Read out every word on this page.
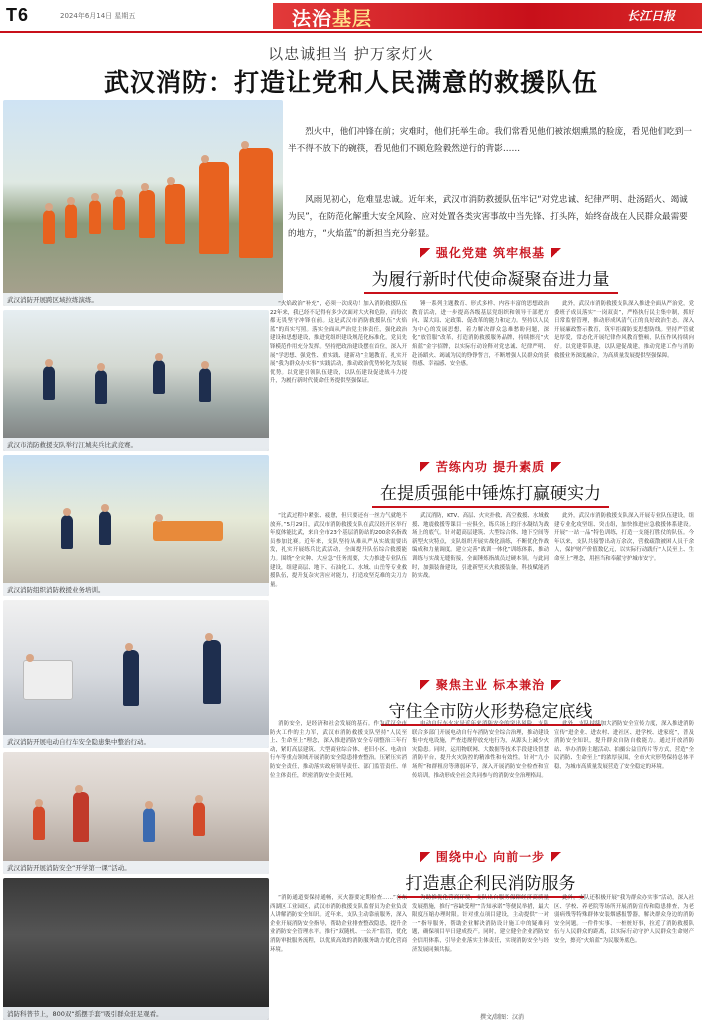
T6	2024年6月14日 星期五	法治基层	长江日报
以忠诚担当 护万家灯火
武汉消防：打造让党和人民满意的救援队伍
武汉消防开展跨区域拉练演练。
武汉市消防救援支队举行江城夹兵比武竞赛。
武汉消防组织消防救援业务培训。
武汉消防开展电动自行车安全隐患集中整治行动。
武汉消防开展消防安全“开学第一课”活动。
消防科普节上，800双“摇摆手套”吸引群众驻足观看。
烈火中，他们冲锋在前；灾难时，他们托举生命。我们常看见他们被浓烟熏黑的脸庞，看见他们吃到一半不得不放下的碗筷，看见他们不顾危险毅然逆行的背影……
风雨见初心，危难显忠诚。近年来，武汉市消防救援队伍牢记“对党忠诚、纪律严明、赴汤蹈火、竭诚为民”，在防范化解重大安全风险、应对处置各类灾害事故中当先锋、打头阵，始终奋战在人民群众最需要的地方，“火焰蓝”的新担当充分彰显。
强化党建 筑牢根基
为履行新时代使命凝聚奋进力量
“火焰政治”补充”，必须一次成功！加入消防救援队伍22年来，我已经不记得有多少次面对大火和危险，而每次都无畏坚守冲锋在前。这是武汉市消防救援队伍“火焰蓝”的真实写照。落实全面从严治党主体责任，强化政治建设和思想建设，推进党组织建设规范化标准化，党员先锋模范作用充分发挥。坚持把政治建设摆在首位，深入开展“学思想、强党性、重实践、建新功”主题教育，扎实开展“我为群众办实事”实践活动，推动政治优势转化为发展优势。以党建引领队伍建设，以队伍建设促进战斗力提升，为履行新时代使命任务提供坚强保证。
锤一系列主题教育、形式多样、内容丰富的思想政治教育活动，进一步提高各级基层党组织和领导干部把方向、谋大局、定政策、促改革的能力和定力。坚持以人民为中心的发展思想，着力解决群众急难愁盼问题，深化“放管服”改革，打造消防救援服务品牌，持续擦亮“火焰蓝”金字招牌，以实际行动诠释对党忠诚、纪律严明、赴汤蹈火、竭诚为民的铮铮誓言，不断增强人民群众的获得感、幸福感、安全感。
此外，武汉市消防救援支队深入推进全面从严治党，党委班子成员落实“一岗双责”，严格执行民主集中制，抓好日常监督管理，推动形成风清气正的良好政治生态。深入开展廉政警示教育，筑牢拒腐防变思想防线。坚持严管就是厚爱，常态化开展纪律作风教育整顿，队伍作风持续向好。以党建带队建，以队建促战建，推动党建工作与消防救援业务深度融合，为高质量发展提供坚强保障。
苦练内功 提升素质
在提质强能中锤炼打赢硬实力
“比武过程中紧张、疲惫，但只要还有一丝力气就绝不放弃。”5月29日，武汉市消防救援支队在武汉经开区举行年度体能比武，来自全市23个基层消防站的200余名指战员参加比赛。近年来，支队坚持从难从严从实战需要出发，扎实开展练兵比武活动，全面提升队伍综合救援能力。围绕“全灾种、大应急”任务需要，大力推进专业队伍建设，组建高层、地下、石油化工、水域、山岳等专业救援队伍，提升复杂灾害应对能力，打造攻坚克难的尖刀力量。
武汉消防，KTV、高层、火灾扑救、高空救援、水域救援、地震救援等课目一应俱全，练兵场上的汗水凝结为战场上的底气。针对超高层建筑、大型综合体、地下空间等新型火灾特点，支队组织开展实战化演练，不断优化作战编成和力量调度。建立完善“战训一体化”训练体系，推动训练与实战无缝衔接，全面锤炼指战员过硬本领。与此同时，加强装备建设，引进新型灭火救援装备，科技赋能消防实战。
此外，武汉市消防救援支队深入开展专业队伍建设，组建专业化攻坚组、突击组，加快推进应急救援体系建设。开展“一站一品”特色训练，打造一支能打胜仗的队伍。今年以来，支队共接警出动万余次，营救疏散被困人员千余人，保护财产价值数亿元，以实际行动践行“人民至上、生命至上”理念，用担当和奉献守护城市安宁。
聚焦主业 标本兼治
守住全市防火形势稳定底线
消防安全，是经济和社会发展的基石。作为武汉全市防火工作的主力军，武汉市消防救援支队坚持“人民至上、生命至上”理念，深入推进消防安全专项整治三年行动，紧盯高层建筑、大型商业综合体、老旧小区、电动自行车等重点领域开展消防安全隐患排查整治。压紧压实消防安全责任，推动落实政府领导责任、部门监管责任、单位主体责任，织密消防安全责任网。
电动自行车火灾是近年来消防安全的突出风险。支队联合多部门开展电动自行车消防安全综合治理，推动建设集中充电设施，严查违规停放充电行为，从源头上减少火灾隐患。同时，运用物联网、大数据等技术手段建设智慧消防平台，提升火灾防控的精准性和有效性。针对“九小场所”和群租房等薄弱环节，深入开展消防安全检查和宣传培训，推动形成全社会共同参与的消防安全治理格局。
此外，支队持续加大消防安全宣传力度，深入推进消防宣传“进企业、进农村、进社区、进学校、进家庭”，普及消防安全知识，提升群众自防自救能力。通过开放消防站、举办消防主题活动、拍摄公益宣传片等方式，营造“全民消防、生命至上”的浓厚氛围，全市火灾形势保持总体平稳，为城市高质量发展营造了安全稳定的环境。
围绕中心 向前一步
打造惠企利民消防服务
“消防通道要保持通畅，灭火器要定期检查……”在东西湖区工业园区，武汉市消防救援支队监督员为企业负责人讲解消防安全知识。近年来，支队主动靠前服务，深入企业开展消防安全指导，帮助企业排查整改隐患，提升企业消防安全管理水平。推行“双随机、一公开”监管，优化消防审批服务流程，以优质高效的消防服务助力优化营商环境。
为助推优化营商环境，支队出台服务保障经济高质量发展措施，推行“容缺受理”“告知承诺”等便民举措，最大限度压缩办理时限。针对重点项目建设，主动提供“一对一”指导服务，帮助企业解决消防设计施工中的疑难问题，确保项目早日建成投产。同时，建立健全企业消防安全信用体系，引导企业落实主体责任，实现消防安全与经济发展同频共振。
此外，支队还积极开展“我为群众办实事”活动，深入社区、学校、养老院等场所开展消防宣传和隐患排查，为老弱病残等特殊群体安装烟感报警器，解决群众身边的消防安全问题。一件件实事、一桩桩好事，拉近了消防救援队伍与人民群众的距离，以实际行动守护人民群众生命财产安全，擦亮“火焰蓝”为民服务底色。
撰文/制图：汉消
